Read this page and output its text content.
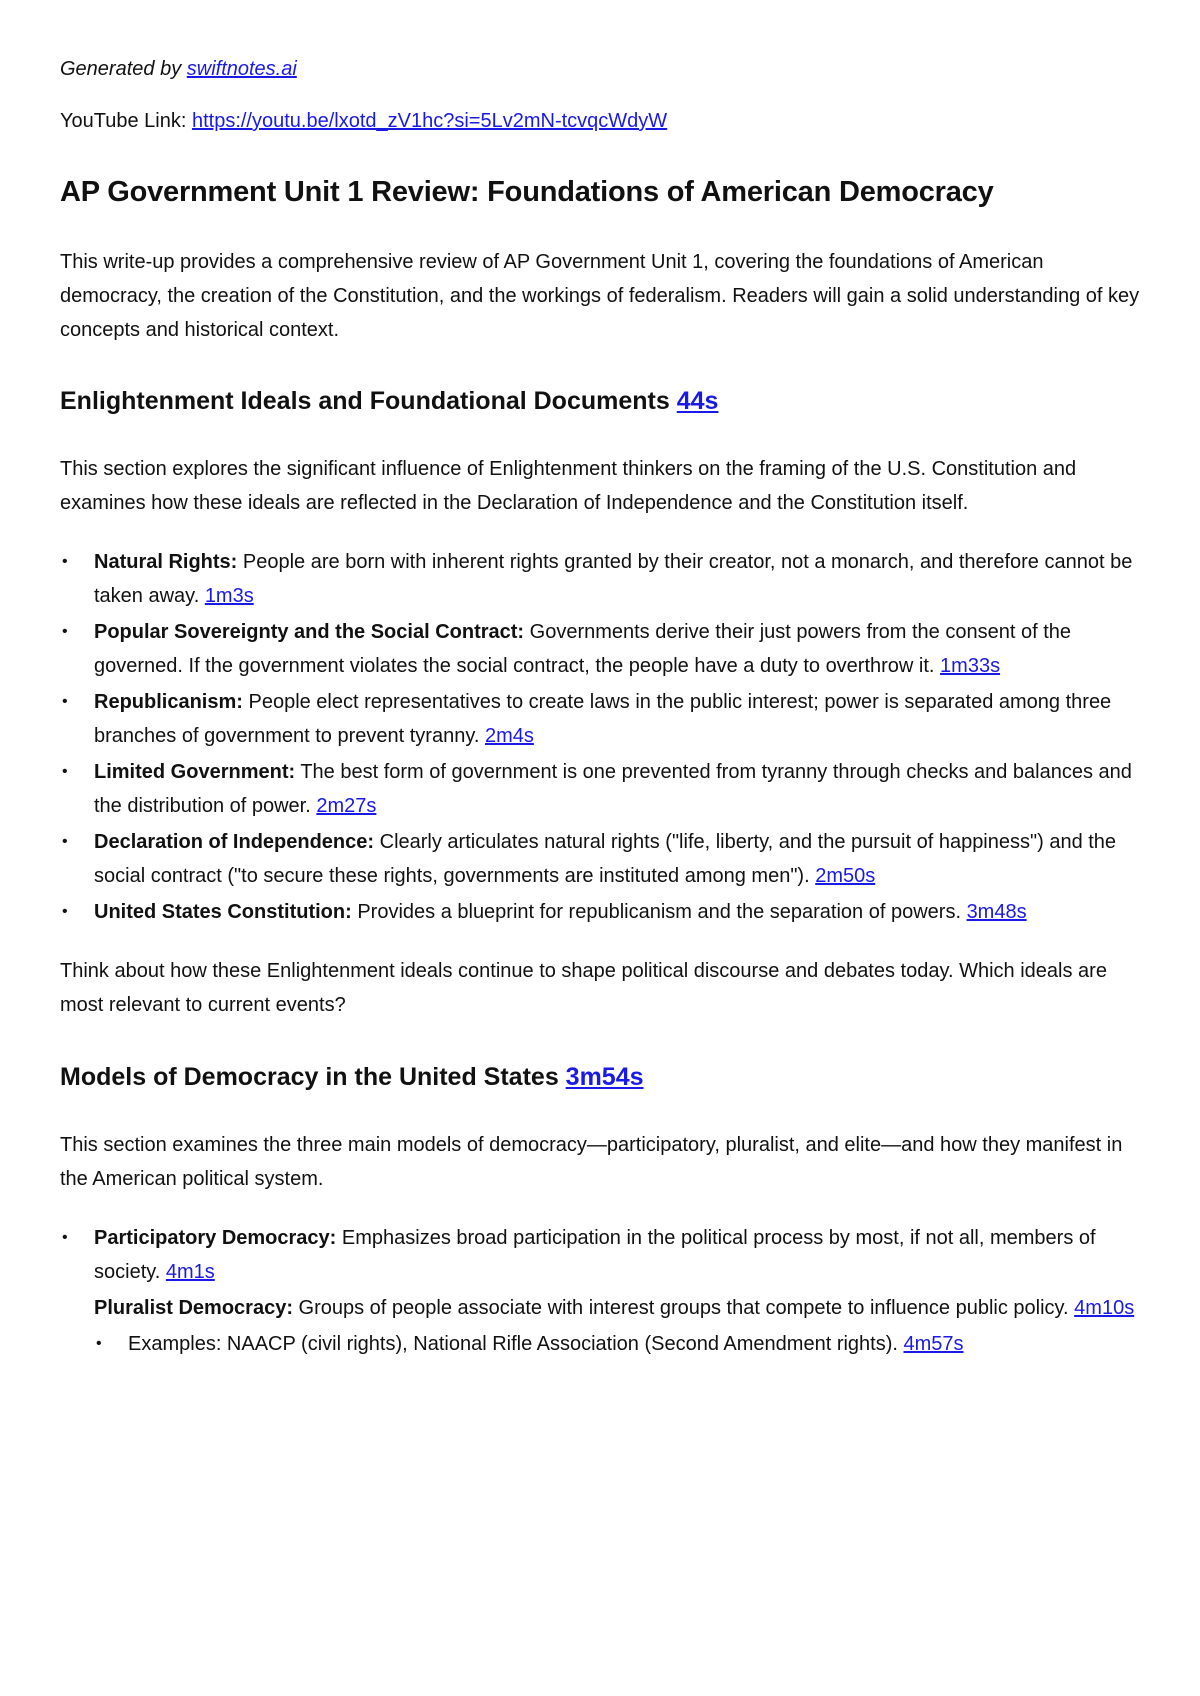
Generated by swiftnotes.ai

YouTube Link: https://youtu.be/lxotd_zV1hc?si=5Lv2mN-tcvqcWdyW

AP Government Unit 1 Review: Foundations of American Democracy

This write-up provides a comprehensive review of AP Government Unit 1, covering the foundations of American democracy, the creation of the Constitution, and the workings of federalism. Readers will gain a solid understanding of key concepts and historical context.

Enlightenment Ideals and Foundational Documents 44s

This section explores the significant influence of Enlightenment thinkers on the framing of the U.S. Constitution and examines how these ideals are reflected in the Declaration of Independence and the Constitution itself.

• Natural Rights: People are born with inherent rights granted by their creator, not a monarch, and therefore cannot be taken away. 1m3s
• Popular Sovereignty and the Social Contract: Governments derive their just powers from the consent of the governed. If the government violates the social contract, the people have a duty to overthrow it. 1m33s
• Republicanism: People elect representatives to create laws in the public interest; power is separated among three branches of government to prevent tyranny. 2m4s
• Limited Government: The best form of government is one prevented from tyranny through checks and balances and the distribution of power. 2m27s
• Declaration of Independence: Clearly articulates natural rights ("life, liberty, and the pursuit of happiness") and the social contract ("to secure these rights, governments are instituted among men"). 2m50s
• United States Constitution: Provides a blueprint for republicanism and the separation of powers. 3m48s

Think about how these Enlightenment ideals continue to shape political discourse and debates today. Which ideals are most relevant to current events?

Models of Democracy in the United States 3m54s

This section examines the three main models of democracy—participatory, pluralist, and elite—and how they manifest in the American political system.

• Participatory Democracy: Emphasizes broad participation in the political process by most, if not all, members of society. 4m1s
Pluralist Democracy: Groups of people associate with interest groups that compete to influence public policy. 4m10s
• Examples: NAACP (civil rights), National Rifle Association (Second Amendment rights). 4m57s
